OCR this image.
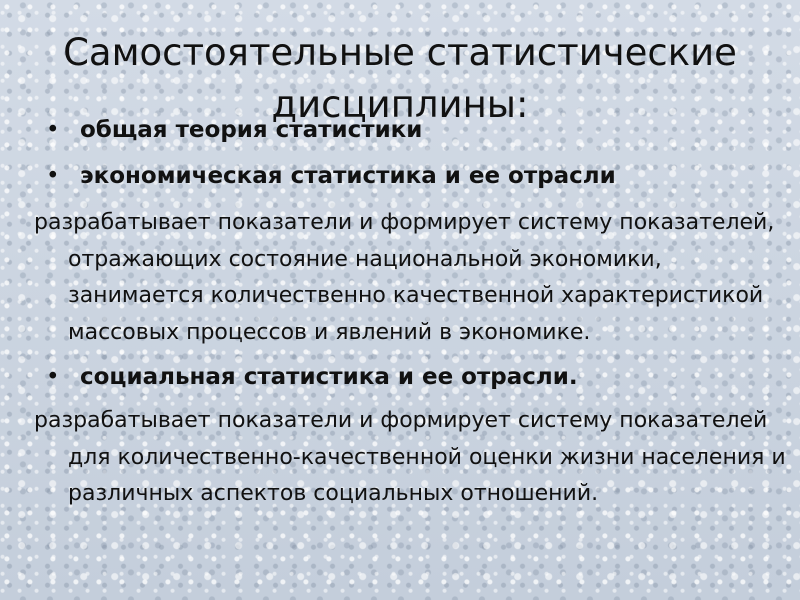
Самостоятельные статистические дисциплины:
• общая теория статистики
• экономическая статистика и ее отрасли
разрабатывает показатели и формирует систему показателей, отражающих состояние национальной экономики, занимается количественно качественной характеристикой массовых процессов и явлений в экономике.
• социальная статистика и ее отрасли.
разрабатывает показатели и формирует систему показателей для количественно-качественной оценки жизни населения и различных аспектов социальных отношений.
